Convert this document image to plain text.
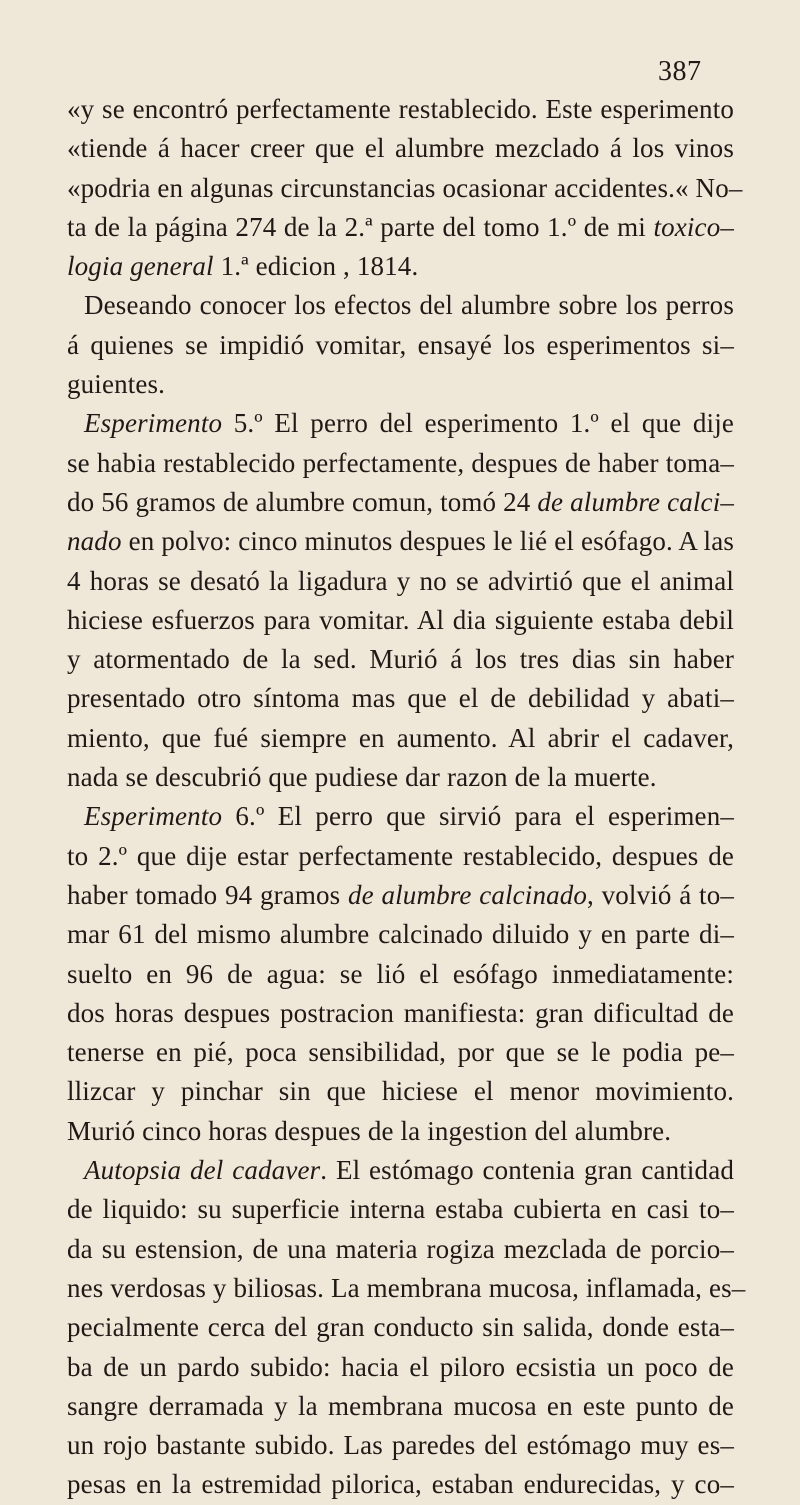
387
«y se encontró perfectamente restablecido. Este esperimento
«tiende á hacer creer que el alumbre mezclado á los vinos
«podria en algunas circunstancias ocasionar accidentes.« No–
ta de la página 274 de la 2.ª parte del tomo 1.º de mi toxico–
logia general 1.ª edicion , 1814.
Deseando conocer los efectos del alumbre sobre los perros
á quienes se impidió vomitar, ensayé los esperimentos si–
guientes.
Esperimento 5.º El perro del esperimento 1.º el que dije
se habia restablecido perfectamente, despues de haber toma–
do 56 gramos de alumbre comun, tomó 24 de alumbre calci–
nado en polvo: cinco minutos despues le lié el esófago. A las
4 horas se desató la ligadura y no se advirtió que el animal
hiciese esfuerzos para vomitar. Al dia siguiente estaba debil
y atormentado de la sed. Murió á los tres dias sin haber
presentado otro síntoma mas que el de debilidad y abati–
miento, que fué siempre en aumento. Al abrir el cadaver,
nada se descubrió que pudiese dar razon de la muerte.
Esperimento 6.º El perro que sirvió para el esperimen–
to 2.º que dije estar perfectamente restablecido, despues de
haber tomado 94 gramos de alumbre calcinado, volvió á to–
mar 61 del mismo alumbre calcinado diluido y en parte di–
suelto en 96 de agua: se lió el esófago inmediatamente:
dos horas despues postracion manifiesta: gran dificultad de
tenerse en pié, poca sensibilidad, por que se le podia pe–
llizcar y pinchar sin que hiciese el menor movimiento.
Murió cinco horas despues de la ingestion del alumbre.
Autopsia del cadaver. El estómago contenia gran cantidad
de liquido: su superficie interna estaba cubierta en casi to–
da su estension, de una materia rogiza mezclada de porcio–
nes verdosas y biliosas. La membrana mucosa, inflamada, es–
pecialmente cerca del gran conducto sin salida, donde esta–
ba de un pardo subido: hacia el piloro ecsistia un poco de
sangre derramada y la membrana mucosa en este punto de
un rojo bastante subido. Las paredes del estómago muy es–
pesas en la estremidad pilorica, estaban endurecidas, y co–
